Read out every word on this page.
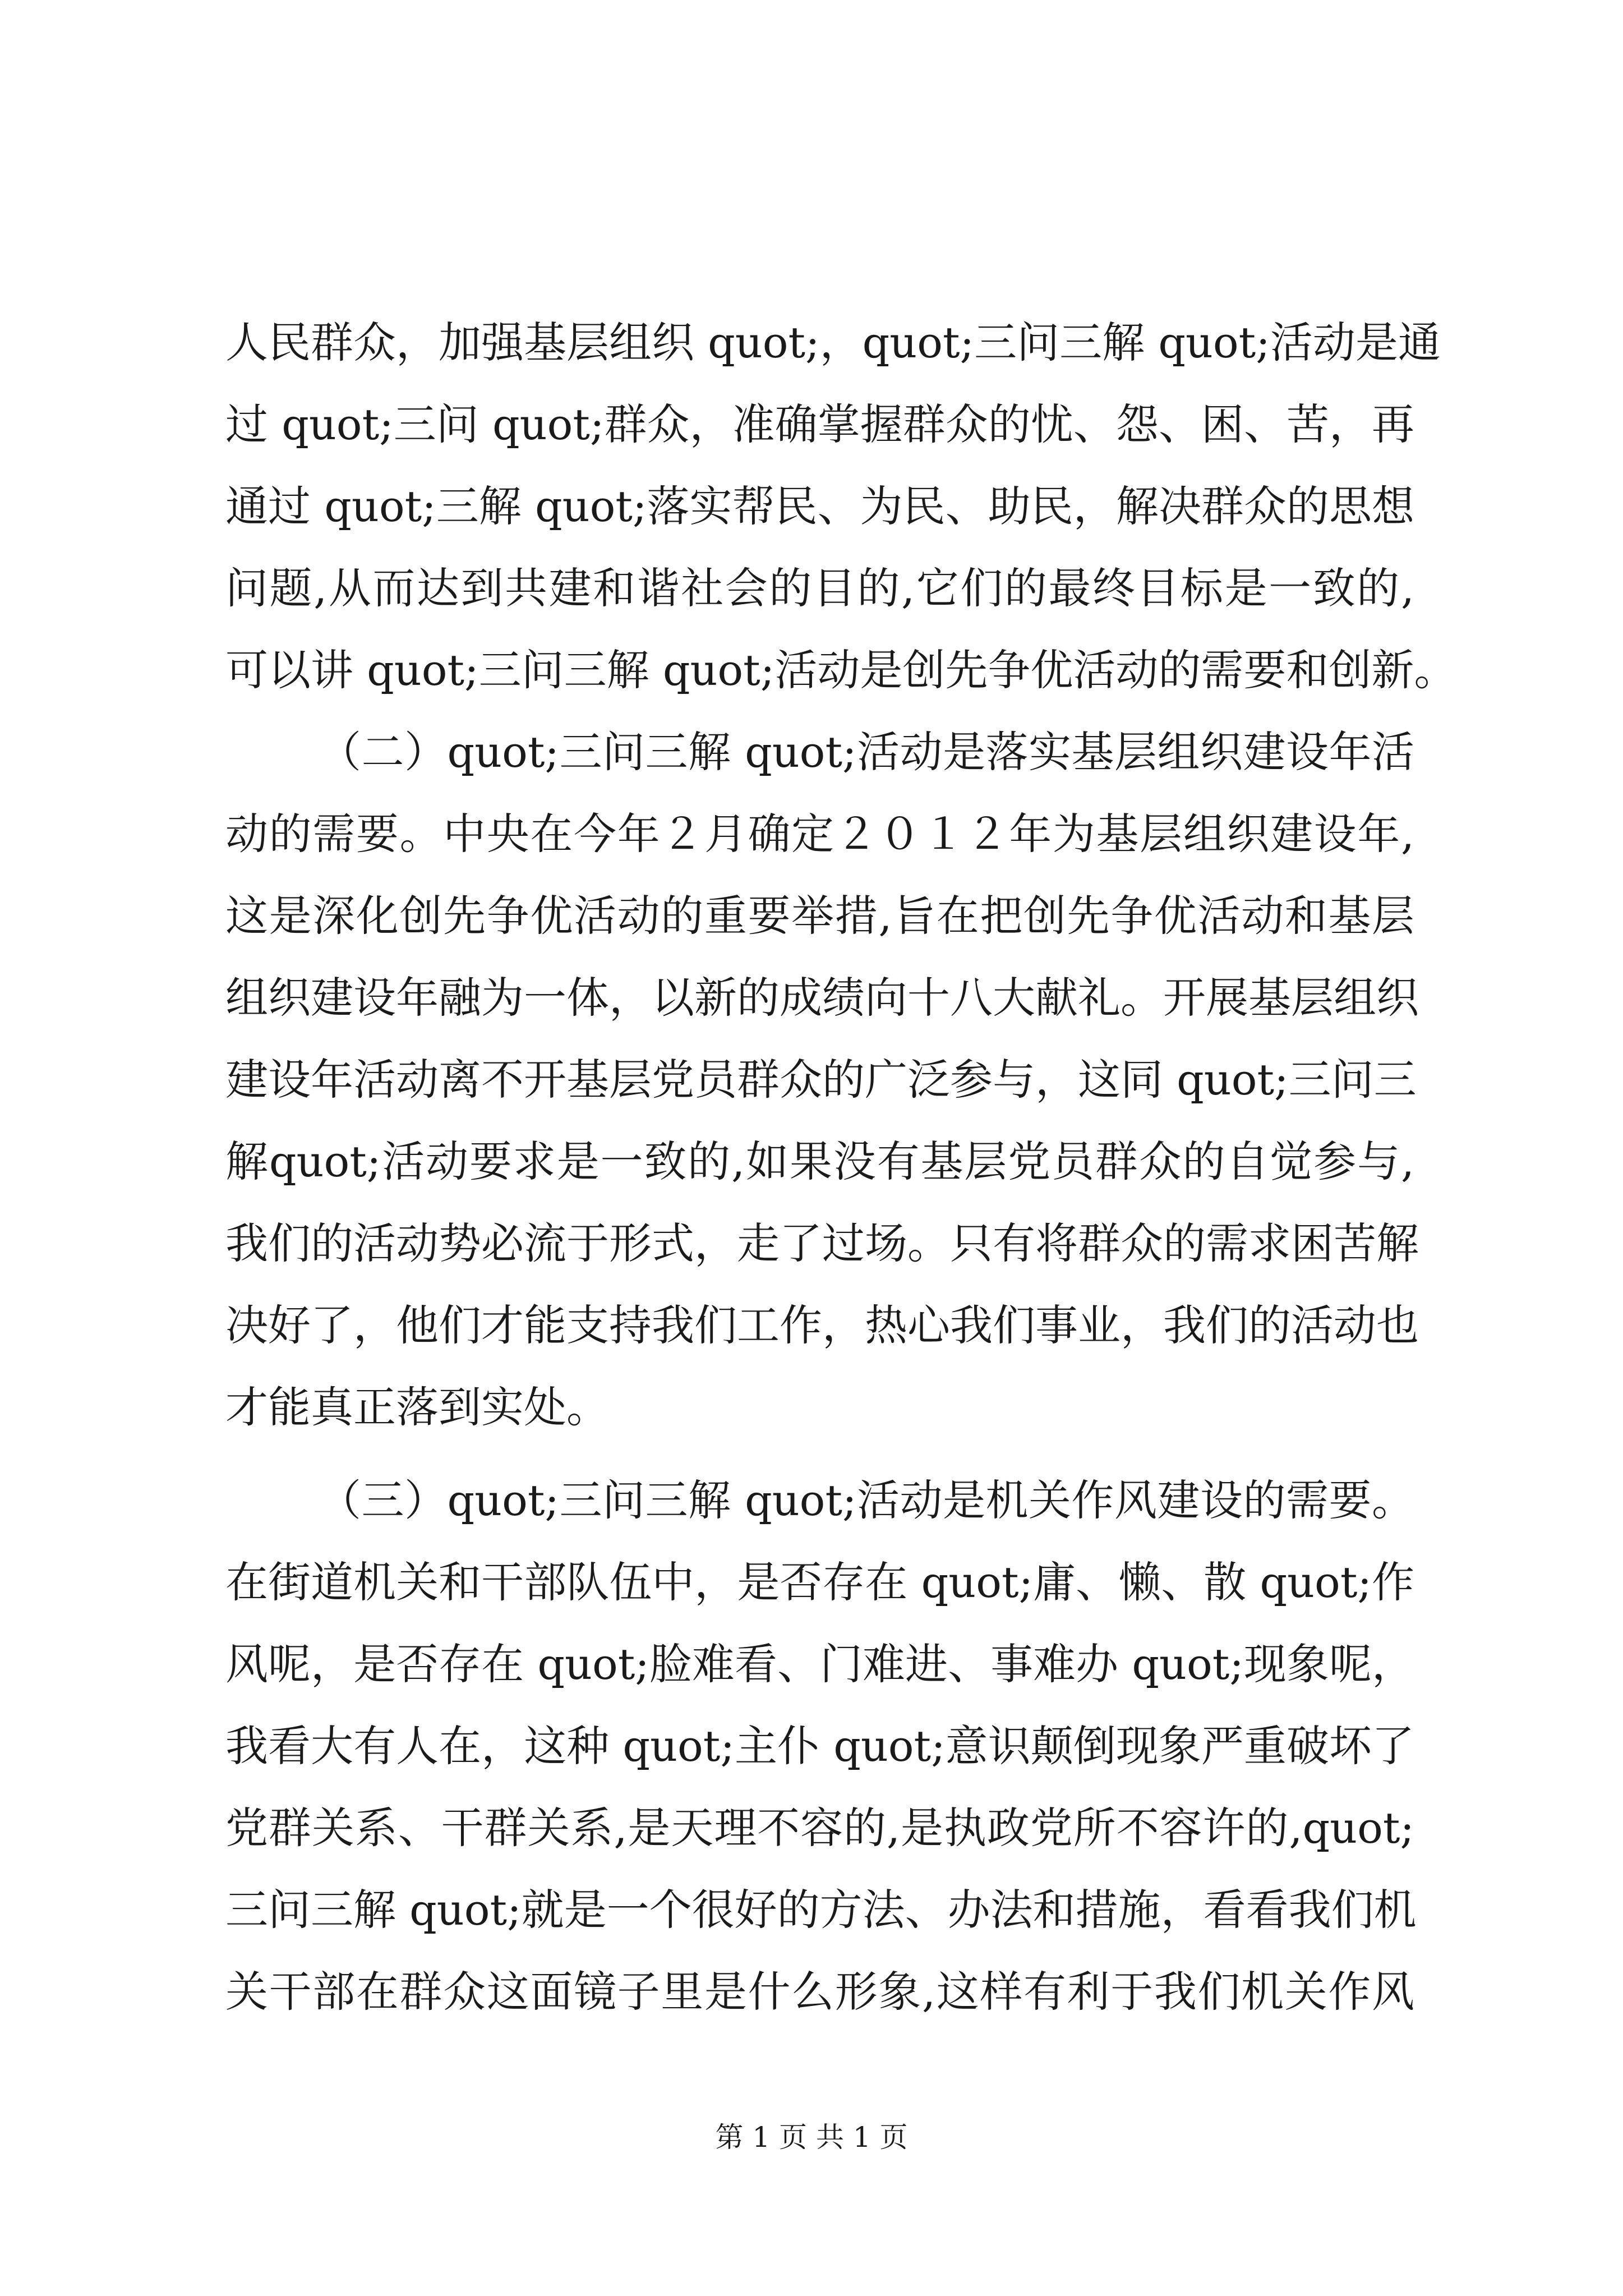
人民群众，加强基层组织 quot;，quot;三问三解 quot;活动是通
过 quot;三问 quot;群众，准确掌握群众的忧、怨、困、苦，再
通过 quot;三解 quot;落实帮民、为民、助民，解决群众的思想
问题,从而达到共建和谐社会的目的,它们的最终目标是一致的,
可以讲 quot;三问三解 quot;活动是创先争优活动的需要和创新。
（二）quot;三问三解 quot;活动是落实基层组织建设年活
动的需要。中央在今年２月确定２０１２年为基层组织建设年,
这是深化创先争优活动的重要举措,旨在把创先争优活动和基层
组织建设年融为一体，以新的成绩向十八大献礼。开展基层组织
建设年活动离不开基层党员群众的广泛参与，这同 quot;三问三
解quot;活动要求是一致的,如果没有基层党员群众的自觉参与,
我们的活动势必流于形式，走了过场。只有将群众的需求困苦解
决好了，他们才能支持我们工作，热心我们事业，我们的活动也
才能真正落到实处。
（三）quot;三问三解 quot;活动是机关作风建设的需要。
在街道机关和干部队伍中，是否存在 quot;庸、懒、散 quot;作
风呢，是否存在 quot;脸难看、门难进、事难办 quot;现象呢，
我看大有人在，这种 quot;主仆 quot;意识颠倒现象严重破坏了
党群关系、干群关系,是天理不容的,是执政党所不容许的,quot;
三问三解 quot;就是一个很好的方法、办法和措施，看看我们机
关干部在群众这面镜子里是什么形象,这样有利于我们机关作风
第 1 页 共 1 页
